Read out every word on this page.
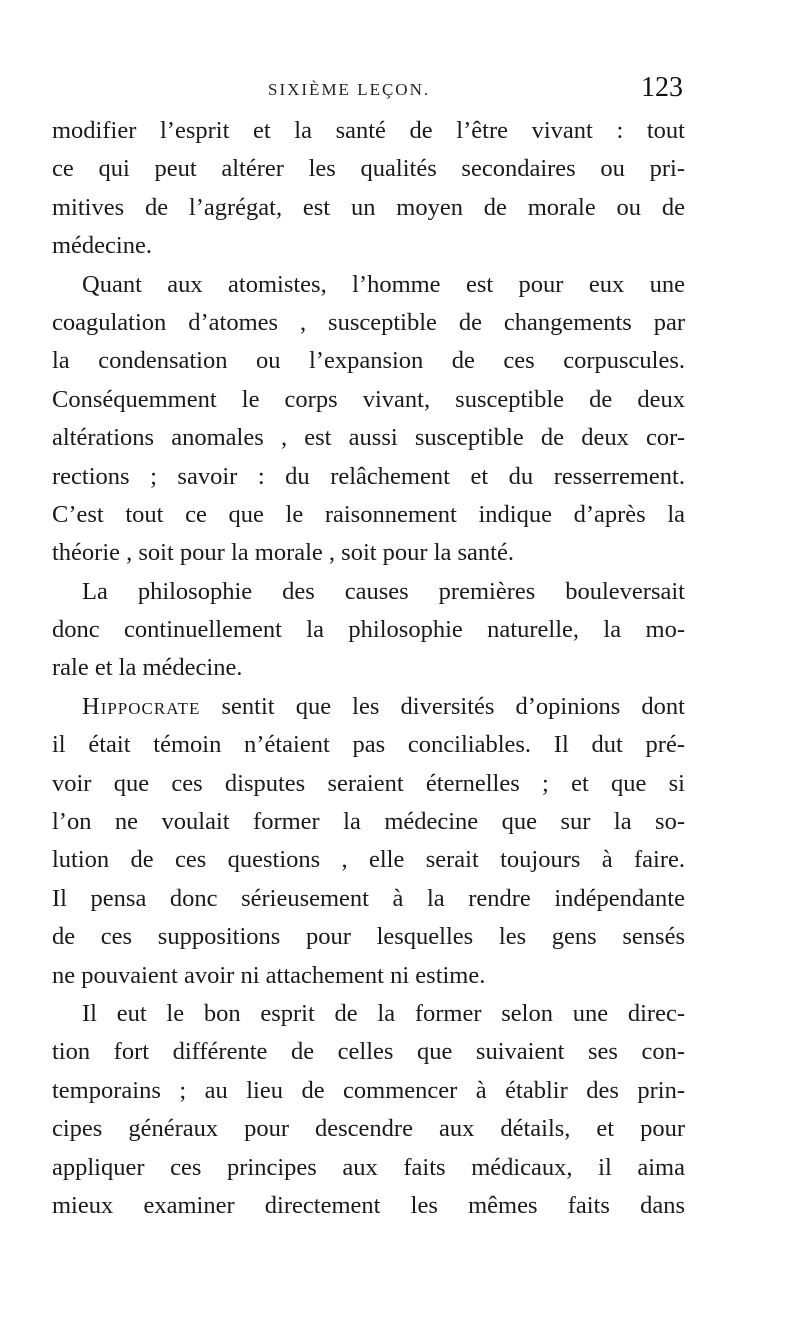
SIXIÈME LEÇON.	123
modifier l’esprit et la santé de l’être vivant : tout
ce qui peut altérer les qualités secondaires ou pri-
mitives de l’agrégat, est un moyen de morale ou de
médecine.
Quant aux atomistes, l’homme est pour eux une
coagulation d’atomes , susceptible de changements par
la condensation ou l’expansion de ces corpuscules.
Conséquemment le corps vivant, susceptible de deux
altérations anomales , est aussi susceptible de deux cor-
rections ; savoir : du relâchement et du resserrement.
C’est tout ce que le raisonnement indique d’après la
théorie , soit pour la morale , soit pour la santé.
La philosophie des causes premières bouleversait
donc continuellement la philosophie naturelle, la mo-
rale et la médecine.
Hippocrate sentit que les diversités d’opinions dont
il était témoin n’étaient pas conciliables. Il dut pré-
voir que ces disputes seraient éternelles ; et que si
l’on ne voulait former la médecine que sur la so-
lution de ces questions , elle serait toujours à faire.
Il pensa donc sérieusement à la rendre indépendante
de ces suppositions pour lesquelles les gens sensés
ne pouvaient avoir ni attachement ni estime.
Il eut le bon esprit de la former selon une direc-
tion fort différente de celles que suivaient ses con-
temporains ; au lieu de commencer à établir des prin-
cipes généraux pour descendre aux détails, et pour
appliquer ces principes aux faits médicaux, il aima
mieux examiner directement les mêmes faits dans
